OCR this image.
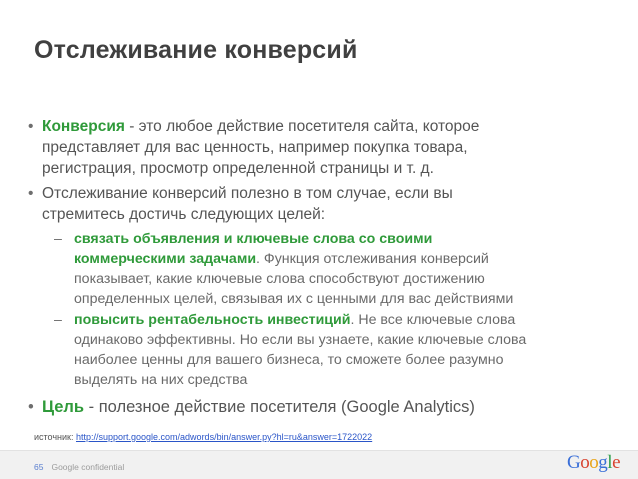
Отслеживание конверсий
• Конверсия - это любое действие посетителя сайта, которое
представляет для вас ценность, например покупка товара,
регистрация, просмотр определенной страницы и т. д.
• Отслеживание конверсий полезно в том случае, если вы
стремитесь достичь следующих целей:
– связать объявления и ключевые слова со своими
коммерческими задачами. Функция отслеживания конверсий
показывает, какие ключевые слова способствуют достижению
определенных целей, связывая их с ценными для вас действиями
– повысить рентабельность инвестиций. Не все ключевые слова
одинаково эффективны. Но если вы узнаете, какие ключевые слова
наиболее ценны для вашего бизнеса, то сможете более разумно
выделять на них средства
• Цель - полезное действие посетителя (Google Analytics)
источник: http://support.google.com/adwords/bin/answer.py?hl=ru&answer=1722022
65 Google confidential	Google
